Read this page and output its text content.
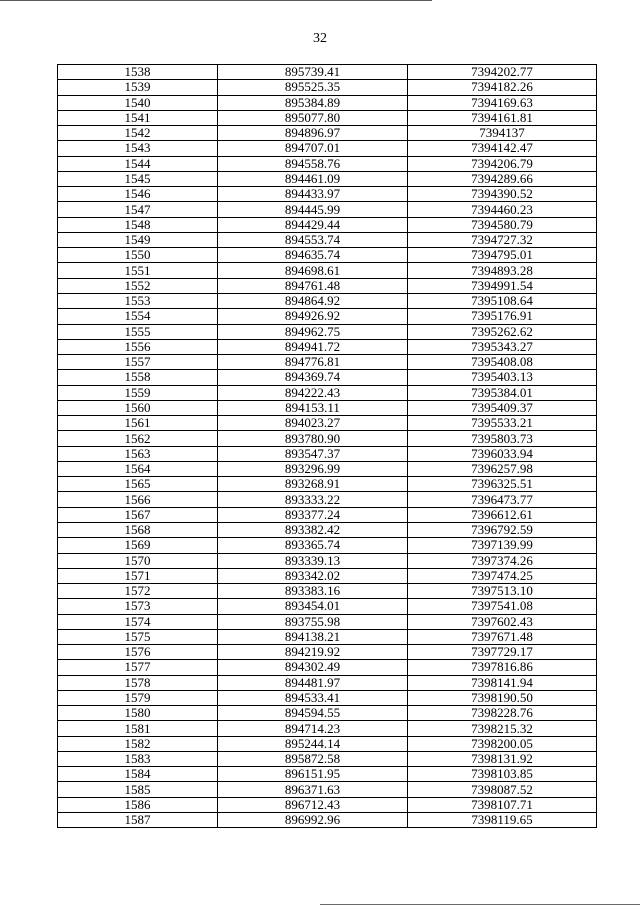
32
1538	895739.41	7394202.77
1539	895525.35	7394182.26
1540	895384.89	7394169.63
1541	895077.80	7394161.81
1542	894896.97	7394137
1543	894707.01	7394142.47
1544	894558.76	7394206.79
1545	894461.09	7394289.66
1546	894433.97	7394390.52
1547	894445.99	7394460.23
1548	894429.44	7394580.79
1549	894553.74	7394727.32
1550	894635.74	7394795.01
1551	894698.61	7394893.28
1552	894761.48	7394991.54
1553	894864.92	7395108.64
1554	894926.92	7395176.91
1555	894962.75	7395262.62
1556	894941.72	7395343.27
1557	894776.81	7395408.08
1558	894369.74	7395403.13
1559	894222.43	7395384.01
1560	894153.11	7395409.37
1561	894023.27	7395533.21
1562	893780.90	7395803.73
1563	893547.37	7396033.94
1564	893296.99	7396257.98
1565	893268.91	7396325.51
1566	893333.22	7396473.77
1567	893377.24	7396612.61
1568	893382.42	7396792.59
1569	893365.74	7397139.99
1570	893339.13	7397374.26
1571	893342.02	7397474.25
1572	893383.16	7397513.10
1573	893454.01	7397541.08
1574	893755.98	7397602.43
1575	894138.21	7397671.48
1576	894219.92	7397729.17
1577	894302.49	7397816.86
1578	894481.97	7398141.94
1579	894533.41	7398190.50
1580	894594.55	7398228.76
1581	894714.23	7398215.32
1582	895244.14	7398200.05
1583	895872.58	7398131.92
1584	896151.95	7398103.85
1585	896371.63	7398087.52
1586	896712.43	7398107.71
1587	896992.96	7398119.65
